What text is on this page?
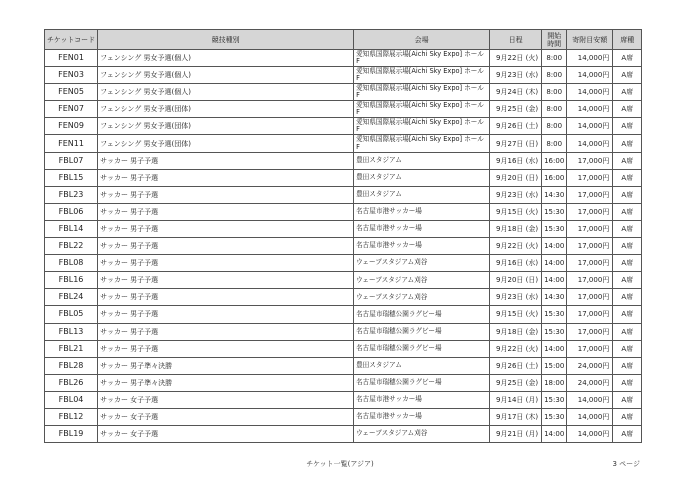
チケットコード	競技種別	会場	日程	開始時間	寄附目安額	席種
FEN01	フェンシング 男女予選(個人)	愛知県国際展示場[Aichi Sky Expo] ホール F	9月22日 (火)	8:00	14,000円	A席
FEN03	フェンシング 男女予選(個人)	愛知県国際展示場[Aichi Sky Expo] ホール F	9月23日 (水)	8:00	14,000円	A席
FEN05	フェンシング 男女予選(個人)	愛知県国際展示場[Aichi Sky Expo] ホール F	9月24日 (木)	8:00	14,000円	A席
FEN07	フェンシング 男女予選(団体)	愛知県国際展示場[Aichi Sky Expo] ホール F	9月25日 (金)	8:00	14,000円	A席
FEN09	フェンシング 男女予選(団体)	愛知県国際展示場[Aichi Sky Expo] ホール F	9月26日 (土)	8:00	14,000円	A席
FEN11	フェンシング 男女予選(団体)	愛知県国際展示場[Aichi Sky Expo] ホール F	9月27日 (日)	8:00	14,000円	A席
FBL07	サッカー 男子予選	豊田スタジアム	9月16日 (水)	16:00	17,000円	A席
FBL15	サッカー 男子予選	豊田スタジアム	9月20日 (日)	16:00	17,000円	A席
FBL23	サッカー 男子予選	豊田スタジアム	9月23日 (水)	14:30	17,000円	A席
FBL06	サッカー 男子予選	名古屋市港サッカー場	9月15日 (火)	15:30	17,000円	A席
FBL14	サッカー 男子予選	名古屋市港サッカー場	9月18日 (金)	15:30	17,000円	A席
FBL22	サッカー 男子予選	名古屋市港サッカー場	9月22日 (火)	14:00	17,000円	A席
FBL08	サッカー 男子予選	ウェーブスタジアム刈谷	9月16日 (水)	14:00	17,000円	A席
FBL16	サッカー 男子予選	ウェーブスタジアム刈谷	9月20日 (日)	14:00	17,000円	A席
FBL24	サッカー 男子予選	ウェーブスタジアム刈谷	9月23日 (水)	14:30	17,000円	A席
FBL05	サッカー 男子予選	名古屋市瑞穂公園ラグビー場	9月15日 (火)	15:30	17,000円	A席
FBL13	サッカー 男子予選	名古屋市瑞穂公園ラグビー場	9月18日 (金)	15:30	17,000円	A席
FBL21	サッカー 男子予選	名古屋市瑞穂公園ラグビー場	9月22日 (火)	14:00	17,000円	A席
FBL28	サッカー 男子準々決勝	豊田スタジアム	9月26日 (土)	15:00	24,000円	A席
FBL26	サッカー 男子準々決勝	名古屋市瑞穂公園ラグビー場	9月25日 (金)	18:00	24,000円	A席
FBL04	サッカー 女子予選	名古屋市港サッカー場	9月14日 (月)	15:30	14,000円	A席
FBL12	サッカー 女子予選	名古屋市港サッカー場	9月17日 (木)	15:30	14,000円	A席
FBL19	サッカー 女子予選	ウェーブスタジアム刈谷	9月21日 (月)	14:00	14,000円	A席
チケット一覧(アジア)	3 ページ
